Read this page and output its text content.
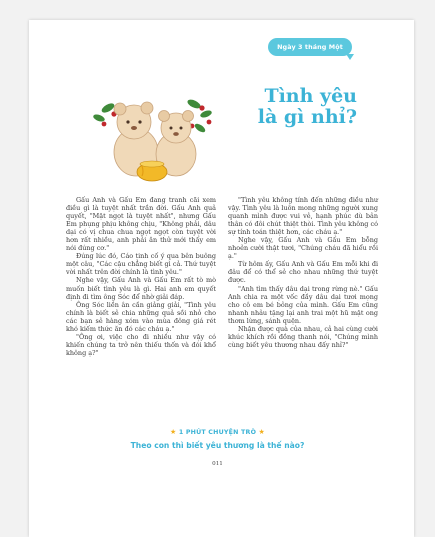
Ngày 3 tháng Một
Tình yêu
là gì nhỉ?

Gấu Anh và Gấu Em đang tranh cãi xem điều gì là tuyệt nhất trần đời. Gấu Anh quả quyết, "Mật ngọt là tuyệt nhất", nhưng Gấu Em phụng phịu không chịu, "Không phải, dâu dại có vị chua chua ngọt ngọt còn tuyệt vời hơn rất nhiều, anh phải ăn thử mới thấy em nói đúng cơ."

Đúng lúc đó, Cáo tinh cố ý qua bên buông một câu, "Các cậu chẳng biết gì cả. Thứ tuyệt vời nhất trên đời chính là tình yêu."

Nghe vậy, Gấu Anh và Gấu Em rất tò mò muốn biết tình yêu là gì. Hai anh em quyết định đi tìm ông Sóc để nhờ giải đáp.

Ông Sóc liền ân cần giảng giải, "Tình yêu chính là biết sẻ chia những quả sồi nhỏ cho các bạn sẻ hàng xóm vào mùa đông giá rét khó kiếm thức ăn đó các cháu ạ."

"Ông ơi, việc cho đi nhiều như vậy có khiến chúng ta trở nên thiếu thốn và đói khổ không ạ?"

"Tình yêu không tính đến những điều như vậy. Tình yêu là luôn mong những người xung quanh mình được vui vẻ, hạnh phúc dù bản thân có đôi chút thiệt thòi. Tình yêu không có sự tính toán thiệt hơn, các cháu ạ."

Nghe vậy, Gấu Anh và Gấu Em bỗng nhoẻn cười thật tươi, "Chúng cháu đã hiểu rồi ạ."

Từ hôm ấy, Gấu Anh và Gấu Em mỗi khi đi đâu để có thể sẻ cho nhau những thứ tuyệt được.

"Anh tìm thấy dâu dại trong rừng nè." Gấu Anh chia ra một vốc đầy dâu dại tươi mọng cho cô em bé bỏng của mình. Gấu Em cũng nhanh nhảu tặng lại anh trai một hũ mật ong thơm lừng, sánh quện.

Nhận được quà của nhau, cả hai cùng cười khúc khích rồi đồng thanh nói, "Chúng mình cùng biết yêu thương nhau đấy nhỉ?"

★ 1 PHÚT CHUYỆN TRÒ ★
Theo con thì biết yêu thương là thế nào?
011
